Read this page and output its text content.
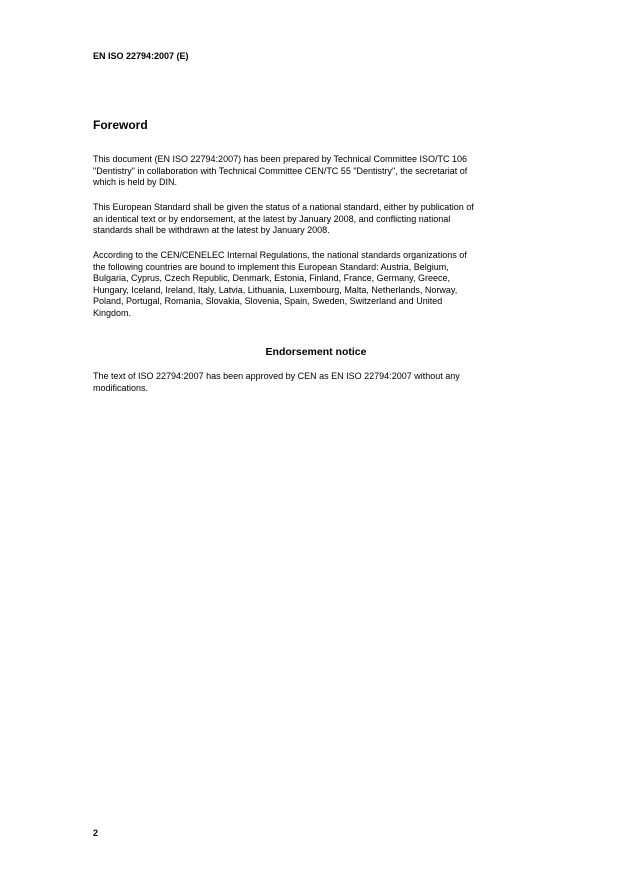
EN ISO 22794:2007 (E)
Foreword
This document (EN ISO 22794:2007) has been prepared by Technical Committee ISO/TC 106
"Dentistry" in collaboration with Technical Committee CEN/TC 55 "Dentistry", the secretariat of
which is held by DIN.
This European Standard shall be given the status of a national standard, either by publication of
an identical text or by endorsement, at the latest by January 2008, and conflicting national
standards shall be withdrawn at the latest by January 2008.
According to the CEN/CENELEC Internal Regulations, the national standards organizations of
the following countries are bound to implement this European Standard: Austria, Belgium,
Bulgaria, Cyprus, Czech Republic, Denmark, Estonia, Finland, France, Germany, Greece,
Hungary, Iceland, Ireland, Italy, Latvia, Lithuania, Luxembourg, Malta, Netherlands, Norway,
Poland, Portugal, Romania, Slovakia, Slovenia, Spain, Sweden, Switzerland and United
Kingdom.
Endorsement notice
The text of ISO 22794:2007 has been approved by CEN as EN ISO 22794:2007 without any
modifications.
2
